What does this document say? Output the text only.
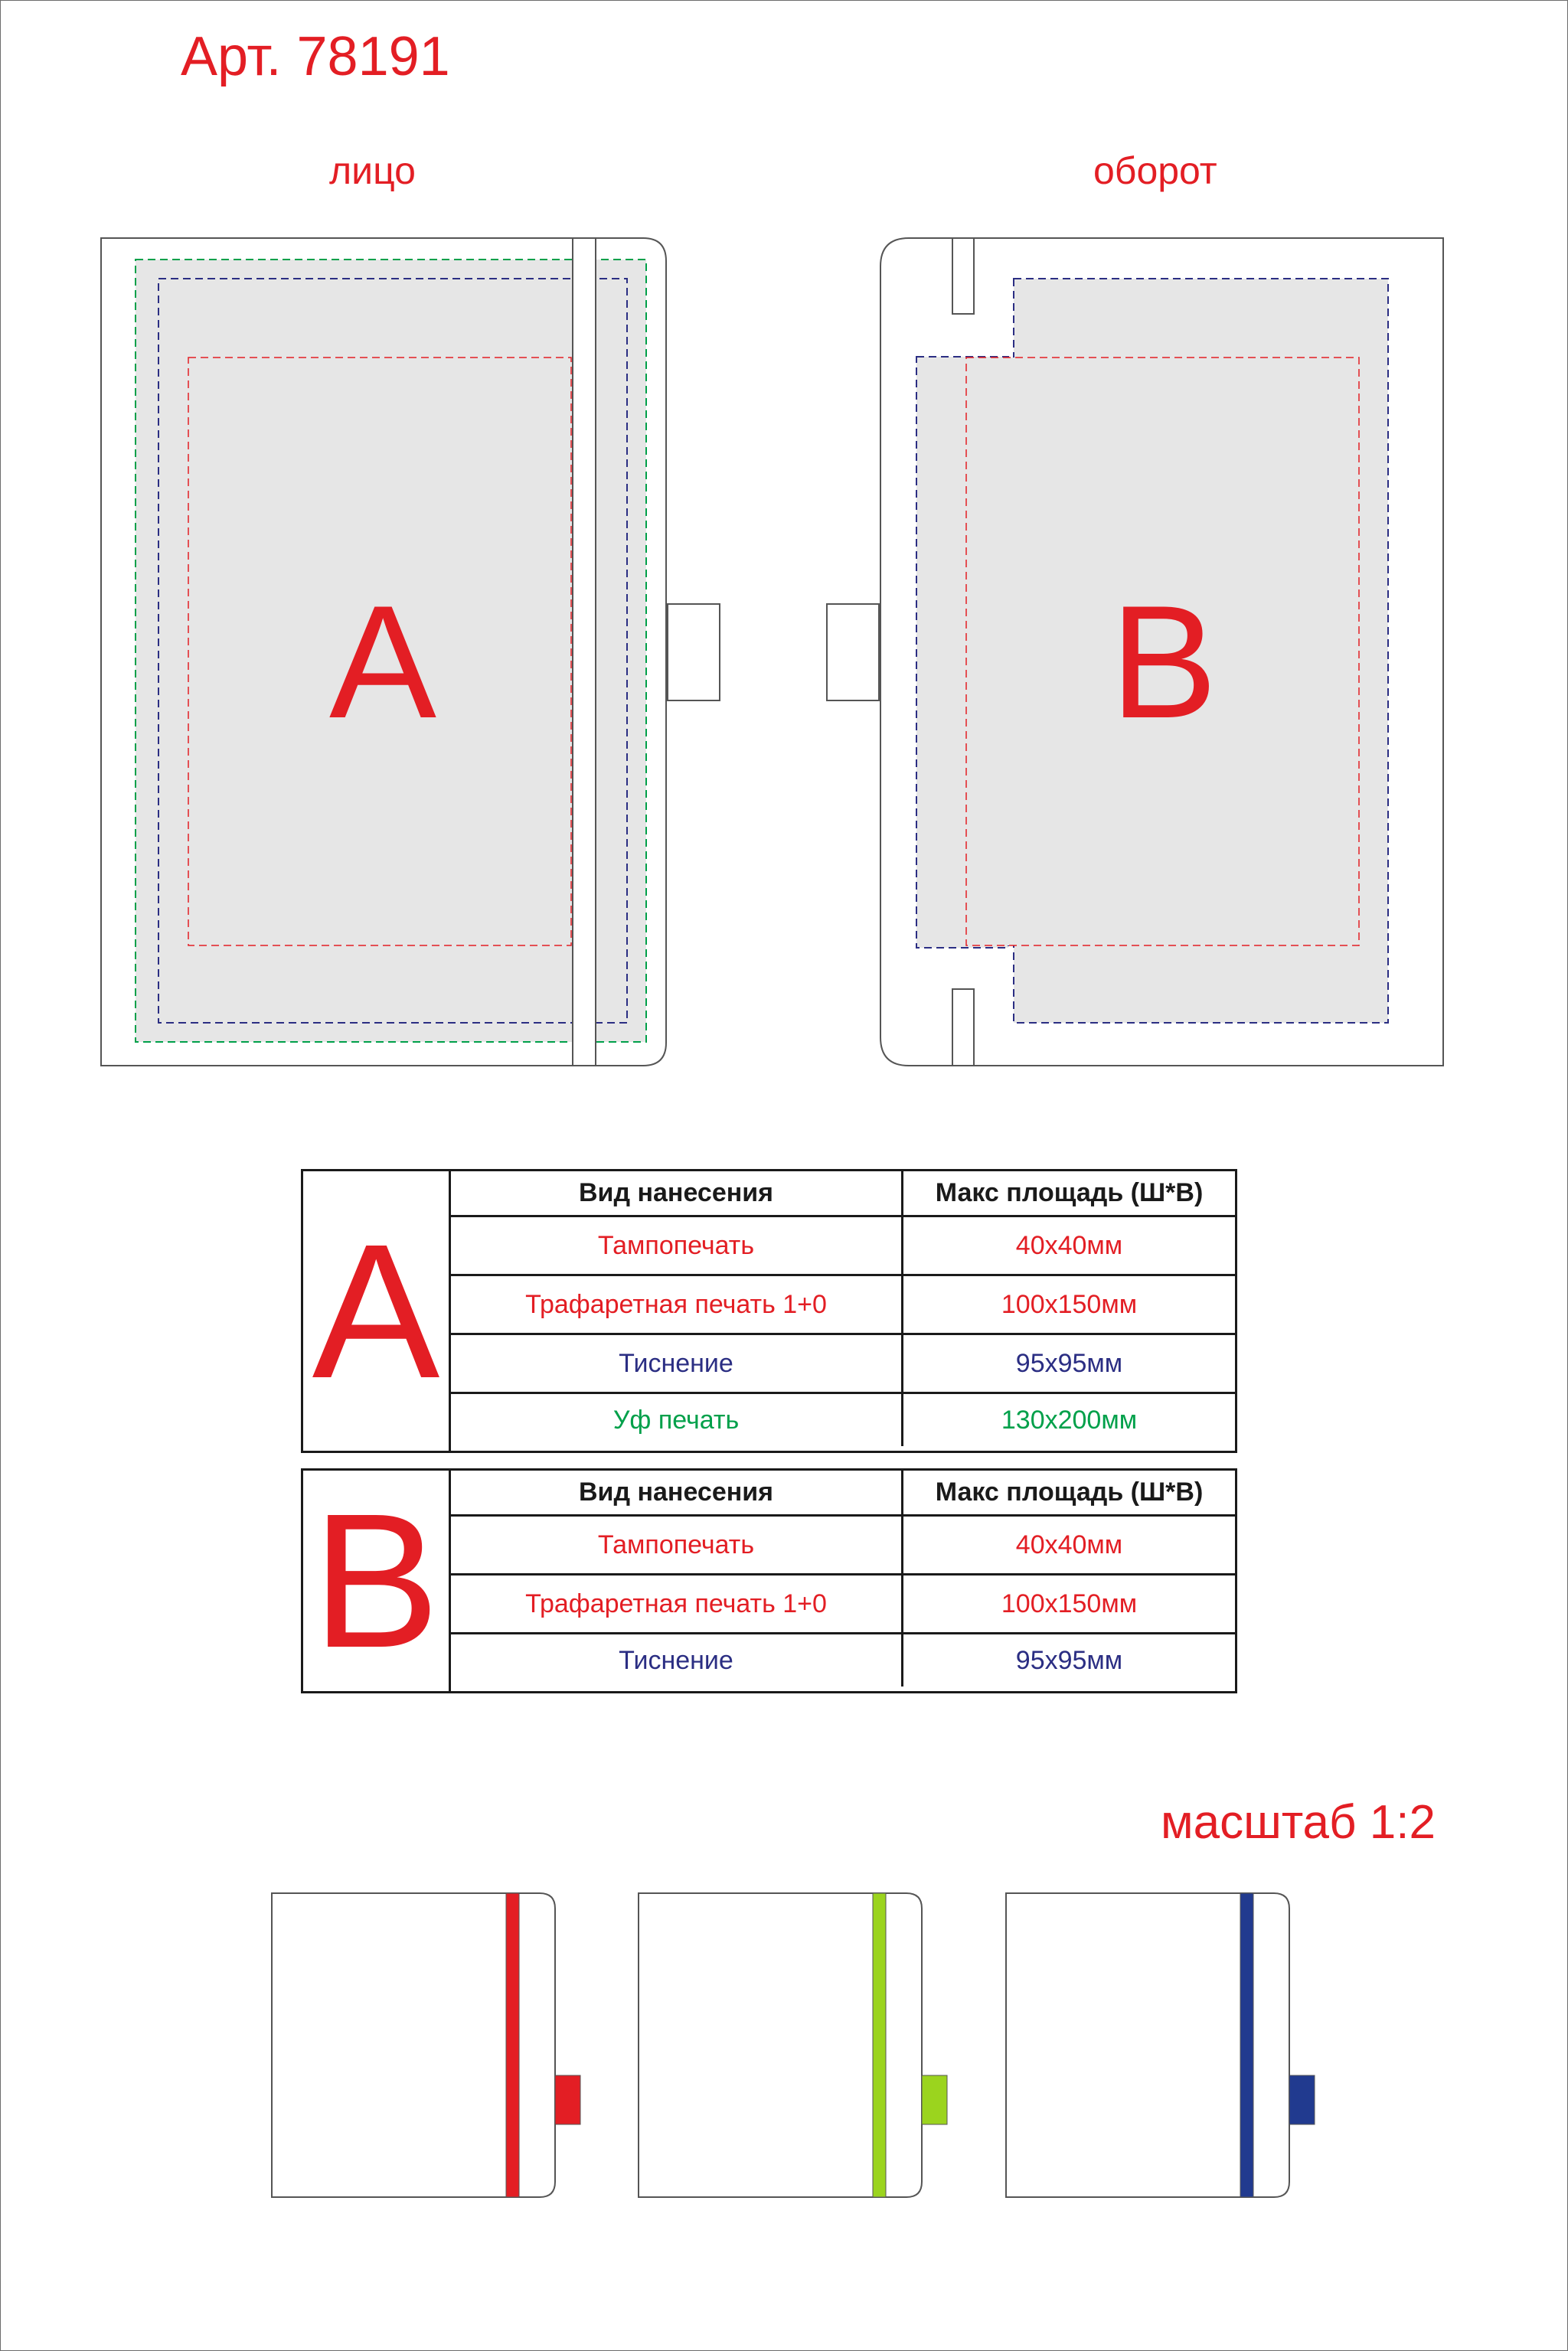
Арт. 78191
лицо	оборот
A	B
A
Вид нанесения	Макс площадь (Ш*В)
Тампопечать	40х40мм
Трафаретная печать 1+0	100х150мм
Тиснение	95х95мм
Уф печать	130х200мм
B	Вид нанесения	Макс площадь (Ш*В)
Тампопечать	40х40мм
Трафаретная печать 1+0	100х150мм
Тиснение	95х95мм
масштаб 1:2
